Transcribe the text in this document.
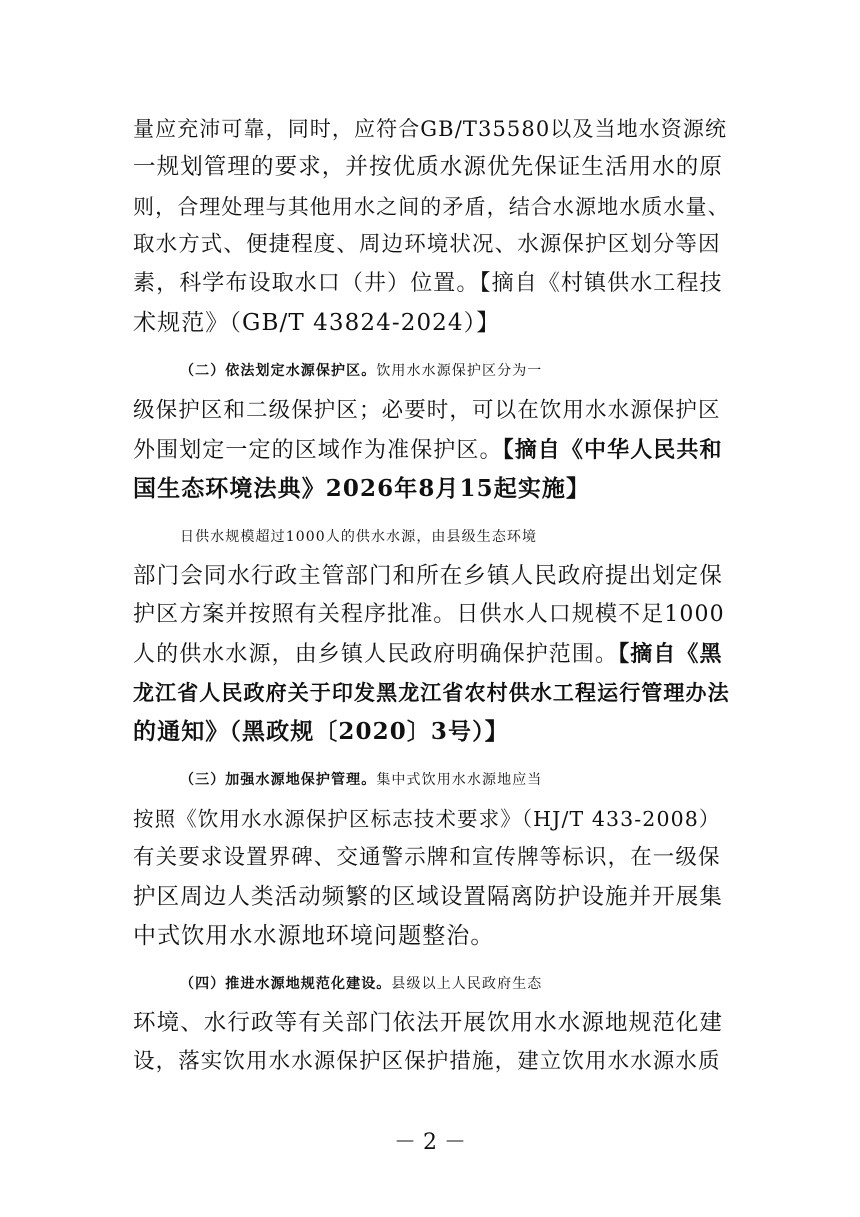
量应充沛可靠，同时，应符合GB/T35580以及当地水资源统
一规划管理的要求，并按优质水源优先保证生活用水的原
则，合理处理与其他用水之间的矛盾，结合水源地水质水量、
取水方式、便捷程度、周边环境状况、水源保护区划分等因
素，科学布设取水口（井）位置。【摘自《村镇供水工程技
术规范》（GB/T 43824-2024）】
（二）依法划定水源保护区。饮用水水源保护区分为一
级保护区和二级保护区；必要时，可以在饮用水水源保护区
外围划定一定的区域作为准保护区。【摘自《中华人民共和
国生态环境法典》2026年8月15起实施】
日供水规模超过1000人的供水水源，由县级生态环境
部门会同水行政主管部门和所在乡镇人民政府提出划定保
护区方案并按照有关程序批准。日供水人口规模不足1000
人的供水水源，由乡镇人民政府明确保护范围。【摘自《黑
龙江省人民政府关于印发黑龙江省农村供水工程运行管理办法
的通知》（黑政规〔2020〕3号）】
（三）加强水源地保护管理。集中式饮用水水源地应当
按照《饮用水水源保护区标志技术要求》（HJ/T 433-2008）
有关要求设置界碑、交通警示牌和宣传牌等标识，在一级保
护区周边人类活动频繁的区域设置隔离防护设施并开展集
中式饮用水水源地环境问题整治。
（四）推进水源地规范化建设。县级以上人民政府生态
环境、水行政等有关部门依法开展饮用水水源地规范化建
设，落实饮用水水源保护区保护措施，建立饮用水水源水质
－ 2 －
